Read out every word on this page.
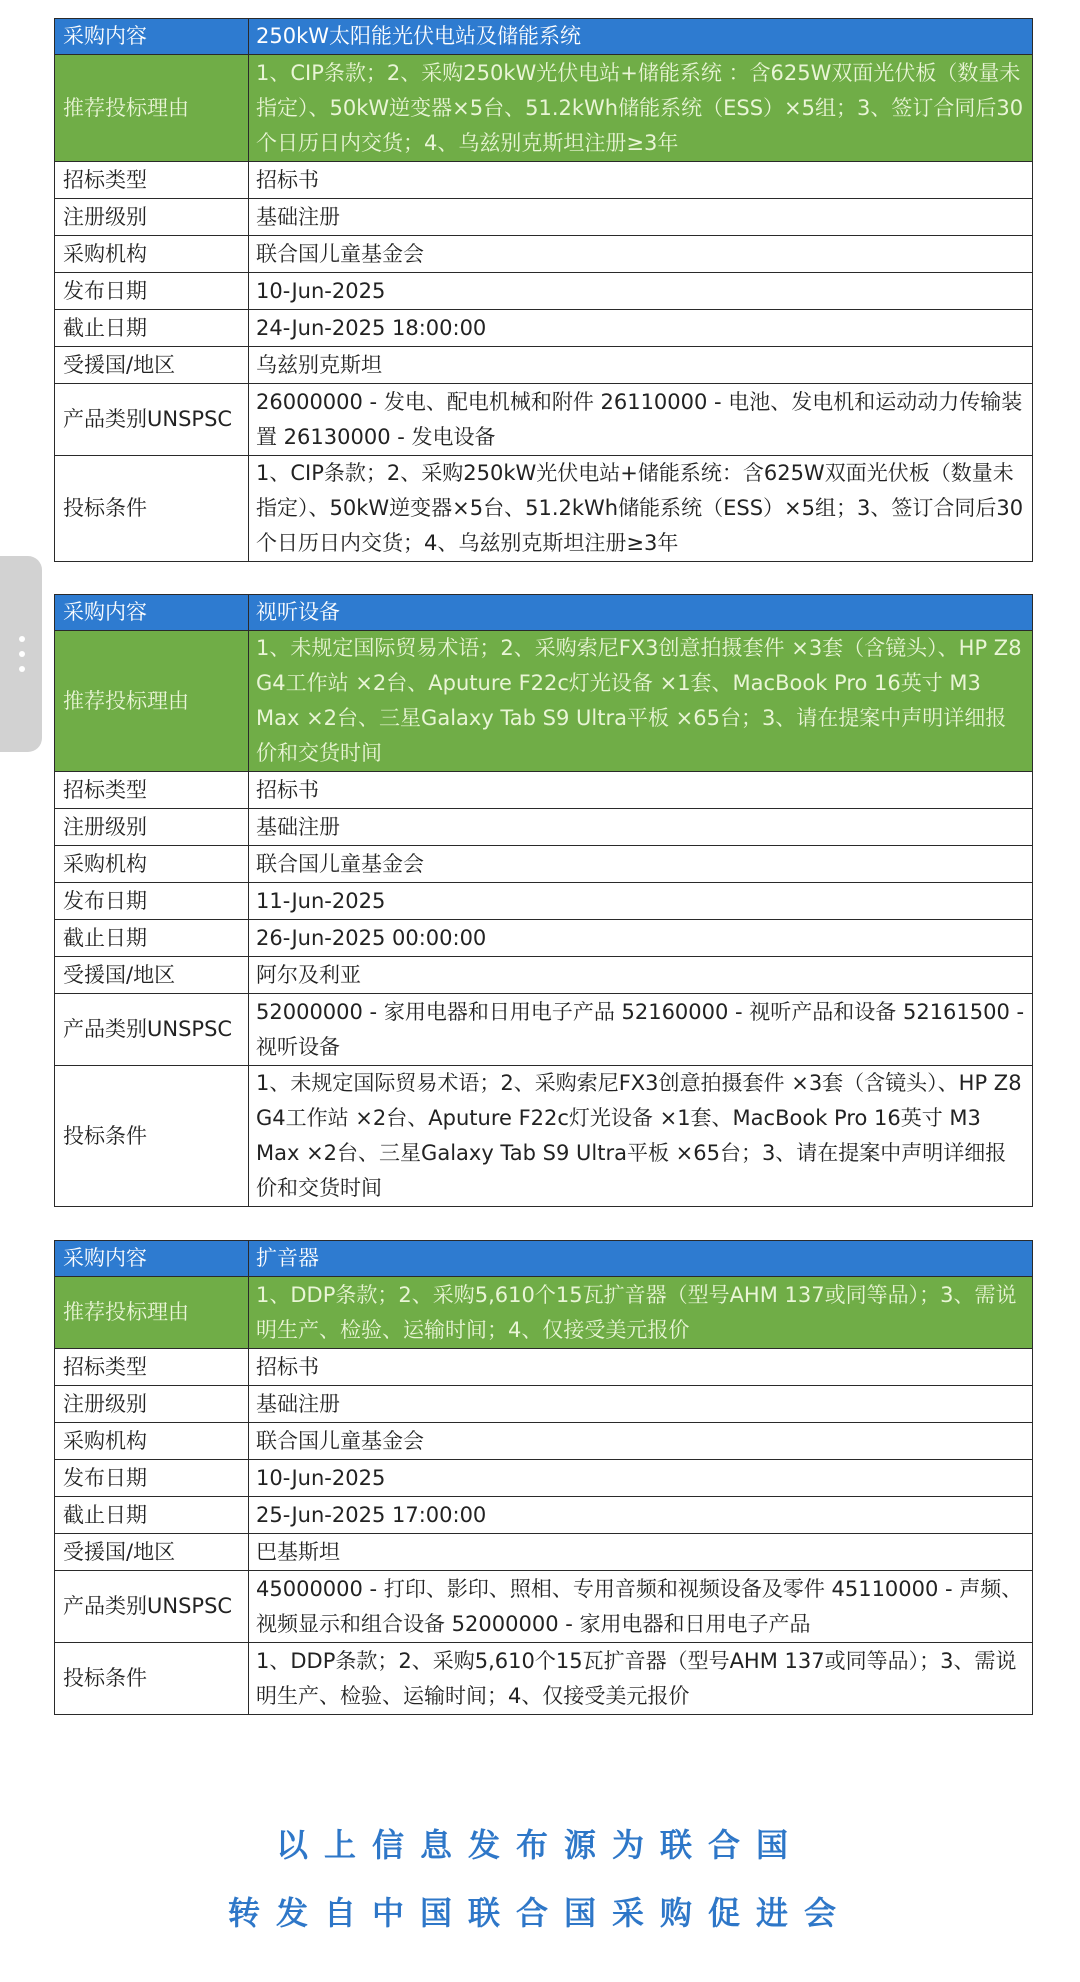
采购内容	250kW太阳能光伏电站及储能系统
推荐投标理由	1、CIP条款；2、采购250kW光伏电站+储能系统 ：含625W双面光伏板（数量未指定）、50kW逆变器×5台、51.2kWh储能系统（ESS）×5组；3、签订合同后30个日历日内交货；4、乌兹别克斯坦注册≥3年
招标类型	招标书
注册级别	基础注册
采购机构	联合国儿童基金会
发布日期	10-Jun-2025
截止日期	24-Jun-2025 18:00:00
受援国/地区	乌兹别克斯坦
产品类别UNSPSC	26000000 - 发电、配电机械和附件 26110000 - 电池、发电机和运动动力传输装置 26130000 - 发电设备
投标条件	1、CIP条款；2、采购250kW光伏电站+储能系统：含625W双面光伏板（数量未指定）、50kW逆变器×5台、51.2kWh储能系统（ESS）×5组；3、签订合同后30个日历日内交货；4、乌兹别克斯坦注册≥3年
采购内容	视听设备
推荐投标理由	1、未规定国际贸易术语；2、采购索尼FX3创意拍摄套件 ×3套（含镜头）、HP Z8 G4工作站 ×2台、Aputure F22c灯光设备 ×1套、MacBook Pro 16英寸 M3 Max ×2台、三星Galaxy Tab S9 Ultra平板 ×65台；3、请在提案中声明详细报价和交货时间
招标类型	招标书
注册级别	基础注册
采购机构	联合国儿童基金会
发布日期	11-Jun-2025
截止日期	26-Jun-2025 00:00:00
受援国/地区	阿尔及利亚
产品类别UNSPSC	52000000 - 家用电器和日用电子产品 52160000 - 视听产品和设备 52161500 - 视听设备
投标条件	1、未规定国际贸易术语；2、采购索尼FX3创意拍摄套件 ×3套（含镜头）、HP Z8 G4工作站 ×2台、Aputure F22c灯光设备 ×1套、MacBook Pro 16英寸 M3 Max ×2台、三星Galaxy Tab S9 Ultra平板 ×65台；3、请在提案中声明详细报价和交货时间
采购内容	扩音器
推荐投标理由	1、DDP条款；2、采购5,610个15瓦扩音器（型号AHM 137或同等品）；3、需说明生产、检验、运输时间；4、仅接受美元报价
招标类型	招标书
注册级别	基础注册
采购机构	联合国儿童基金会
发布日期	10-Jun-2025
截止日期	25-Jun-2025 17:00:00
受援国/地区	巴基斯坦
产品类别UNSPSC	45000000 - 打印、影印、照相、专用音频和视频设备及零件 45110000 - 声频、视频显示和组合设备 52000000 - 家用电器和日用电子产品
投标条件	1、DDP条款；2、采购5,610个15瓦扩音器（型号AHM 137或同等品）；3、需说明生产、检验、运输时间；4、仅接受美元报价
以上信息发布源为联合国
转发自中国联合国采购促进会
